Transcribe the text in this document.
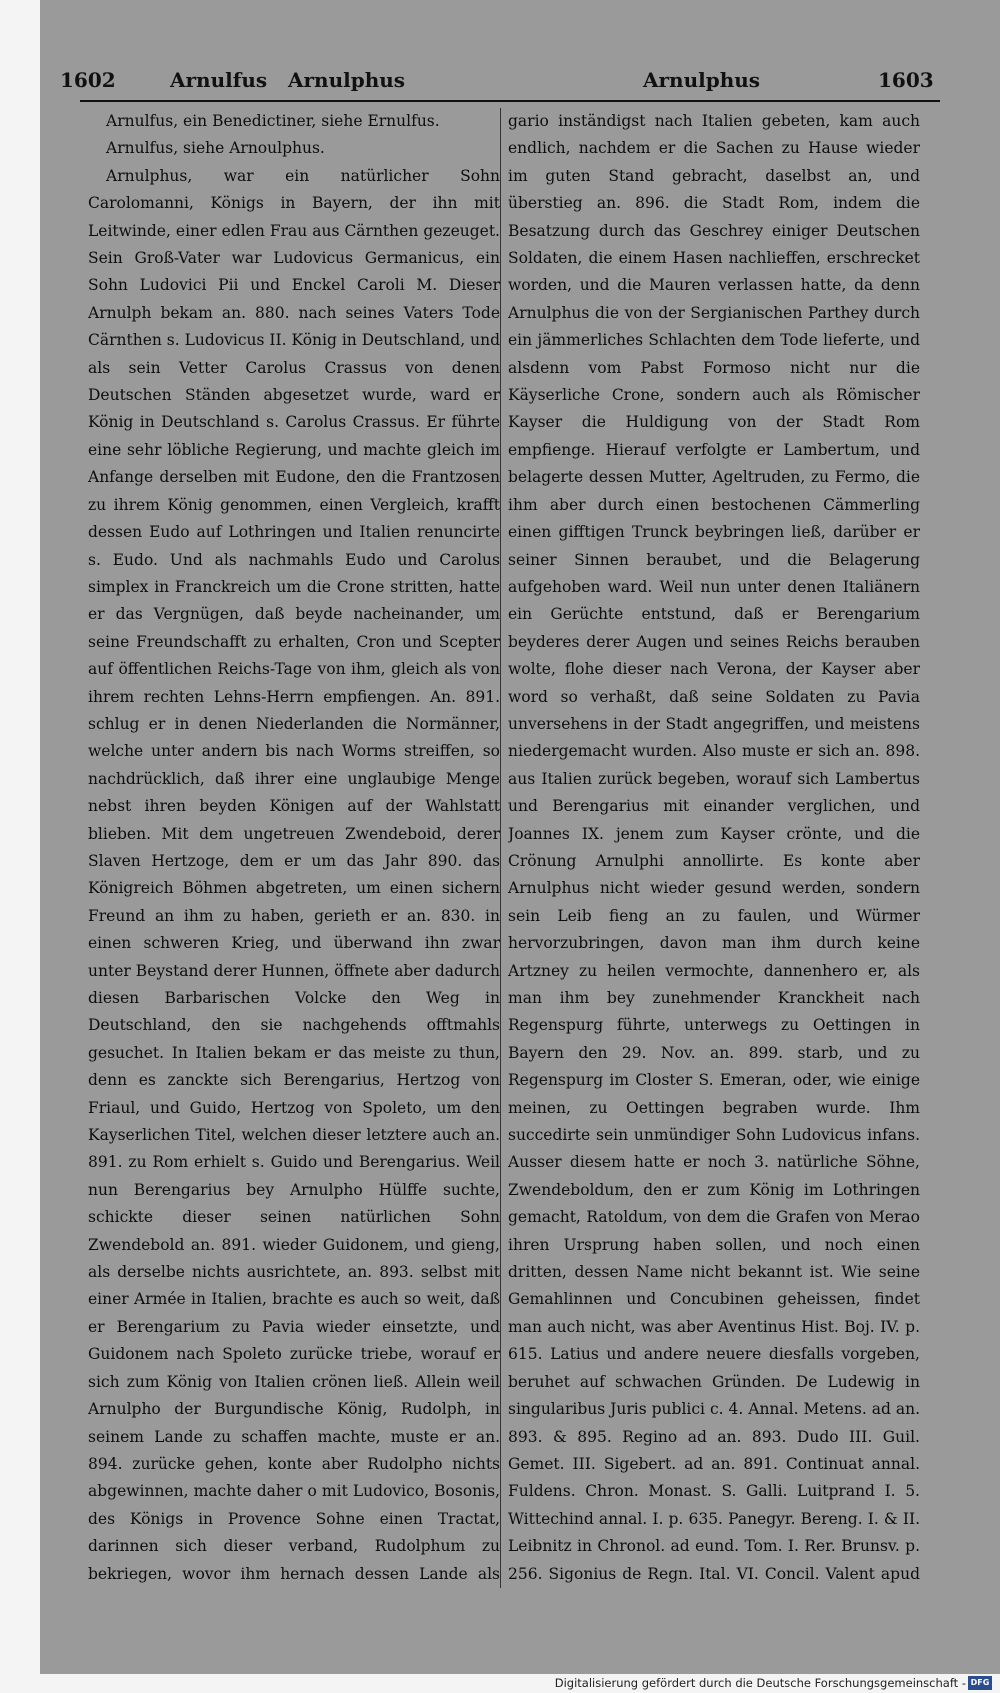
1602	Arnulfus Arnulphus	Arnulphus	1603

Arnulfus, ein Benedictiner, siehe Ernulfus.

Arnulfus, siehe Arnoulphus.

Arnulphus, war ein natürlicher Sohn Carolomanni, Königs in Bayern, der ihn mit Leitwinde, einer edlen Frau aus Cärnthen gezeuget. Sein Groß-Vater war Ludovicus Germanicus, ein Sohn Ludovici Pii und Enckel Caroli M. Dieser Arnulph bekam an. 880. nach seines Vaters Tode Cärnthen s. Ludovicus II. König in Deutschland, und als sein Vetter Carolus Crassus von denen Deutschen Ständen abgesetzet wurde, ward er König in Deutschland s. Carolus Crassus. Er führte eine sehr löbliche Regierung, und machte gleich im Anfange derselben mit Eudone, den die Frantzosen zu ihrem König genommen, einen Vergleich, krafft dessen Eudo auf Lothringen und Italien renuncirte s. Eudo. Und als nachmahls Eudo und Carolus simplex in Franckreich um die Crone stritten, hatte er das Vergnügen, daß beyde nacheinander, um seine Freundschafft zu erhalten, Cron und Scepter auf öffentlichen Reichs-Tage von ihm, gleich als von ihrem rechten Lehns-Herrn empfiengen. An. 891. schlug er in denen Niederlanden die Normänner, welche unter andern bis nach Worms streiffen, so nachdrücklich, daß ihrer eine unglaubige Menge nebst ihren beyden Königen auf der Wahlstatt blieben. Mit dem ungetreuen Zwendeboid, derer Slaven Hertzoge, dem er um das Jahr 890. das Königreich Böhmen abgetreten, um einen sichern Freund an ihm zu haben, gerieth er an. 830. in einen schweren Krieg, und überwand ihn zwar unter Beystand derer Hunnen, öffnete aber dadurch diesen Barbarischen Volcke den Weg in Deutschland, den sie nachgehends offtmahls gesuchet. In Italien bekam er das meiste zu thun, denn es zanckte sich Berengarius, Hertzog von Friaul, und Guido, Hertzog von Spoleto, um den Kayserlichen Titel, welchen dieser letztere auch an. 891. zu Rom erhielt s. Guido und Berengarius. Weil nun Berengarius bey Arnulpho Hülffe suchte, schickte dieser seinen natürlichen Sohn Zwendebold an. 891. wieder Guidonem, und gieng, als derselbe nichts ausrichtete, an. 893. selbst mit einer Armée in Italien, brachte es auch so weit, daß er Berengarium zu Pavia wieder einsetzte, und Guidonem nach Spoleto zurücke triebe, worauf er sich zum König von Italien crönen ließ. Allein weil Arnulpho der Burgundische König, Rudolph, in seinem Lande zu schaffen machte, muste er an. 894. zurücke gehen, konte aber Rudolpho nichts abgewinnen, machte daher o mit Ludovico, Bosonis, des Königs in Provence Sohne einen Tractat, darinnen sich dieser verband, Rudolphum zu bekriegen, wovor ihm hernach dessen Lande als

gario inständigst nach Italien gebeten, kam auch endlich, nachdem er die Sachen zu Hause wieder im guten Stand gebracht, daselbst an, und überstieg an. 896. die Stadt Rom, indem die Besatzung durch das Geschrey einiger Deutschen Soldaten, die einem Hasen nachlieffen, erschrecket worden, und die Mauren verlassen hatte, da denn Arnulphus die von der Sergianischen Parthey durch ein jämmerliches Schlachten dem Tode lieferte, und alsdenn vom Pabst Formoso nicht nur die Käyserliche Crone, sondern auch als Römischer Kayser die Huldigung von der Stadt Rom empfienge. Hierauf verfolgte er Lambertum, und belagerte dessen Mutter, Ageltruden, zu Fermo, die ihm aber durch einen bestochenen Cämmerling einen gifftigen Trunck beybringen ließ, darüber er seiner Sinnen beraubet, und die Belagerung aufgehoben ward. Weil nun unter denen Italiänern ein Gerüchte entstund, daß er Berengarium beyderes derer Augen und seines Reichs berauben wolte, flohe dieser nach Verona, der Kayser aber word so verhaßt, daß seine Soldaten zu Pavia unversehens in der Stadt angegriffen, und meistens niedergemacht wurden. Also muste er sich an. 898. aus Italien zurück begeben, worauf sich Lambertus und Berengarius mit einander verglichen, und Joannes IX. jenem zum Kayser crönte, und die Crönung Arnulphi annollirte. Es konte aber Arnulphus nicht wieder gesund werden, sondern sein Leib fieng an zu faulen, und Würmer hervorzubringen, davon man ihm durch keine Artzney zu heilen vermochte, dannenhero er, als man ihm bey zunehmender Kranckheit nach Regenspurg führte, unterwegs zu Oettingen in Bayern den 29. Nov. an. 899. starb, und zu Regenspurg im Closter S. Emeran, oder, wie einige meinen, zu Oettingen begraben wurde. Ihm succedirte sein unmündiger Sohn Ludovicus infans. Ausser diesem hatte er noch 3. natürliche Söhne, Zwendeboldum, den er zum König im Lothringen gemacht, Ratoldum, von dem die Grafen von Merao ihren Ursprung haben sollen, und noch einen dritten, dessen Name nicht bekannt ist. Wie seine Gemahlinnen und Concubinen geheissen, findet man auch nicht, was aber Aventinus Hist. Boj. IV. p. 615. Latius und andere neuere diesfalls vorgeben, beruhet auf schwachen Gründen. De Ludewig in singularibus Juris publici c. 4. Annal. Metens. ad an. 893. & 895. Regino ad an. 893. Dudo III. Guil. Gemet. III. Sigebert. ad an. 891. Continuat annal. Fuldens. Chron. Monast. S. Galli. Luitprand I. 5. Wittechind annal. I. p. 635. Panegyr. Bereng. I. & II. Leibnitz in Chronol. ad eund. Tom. I. Rer. Brunsv. p. 256. Sigonius de Regn. Ital. VI. Concil. Valent apud

Digitalisierung gefördert durch die Deutsche Forschungsgemeinschaft - DFG
